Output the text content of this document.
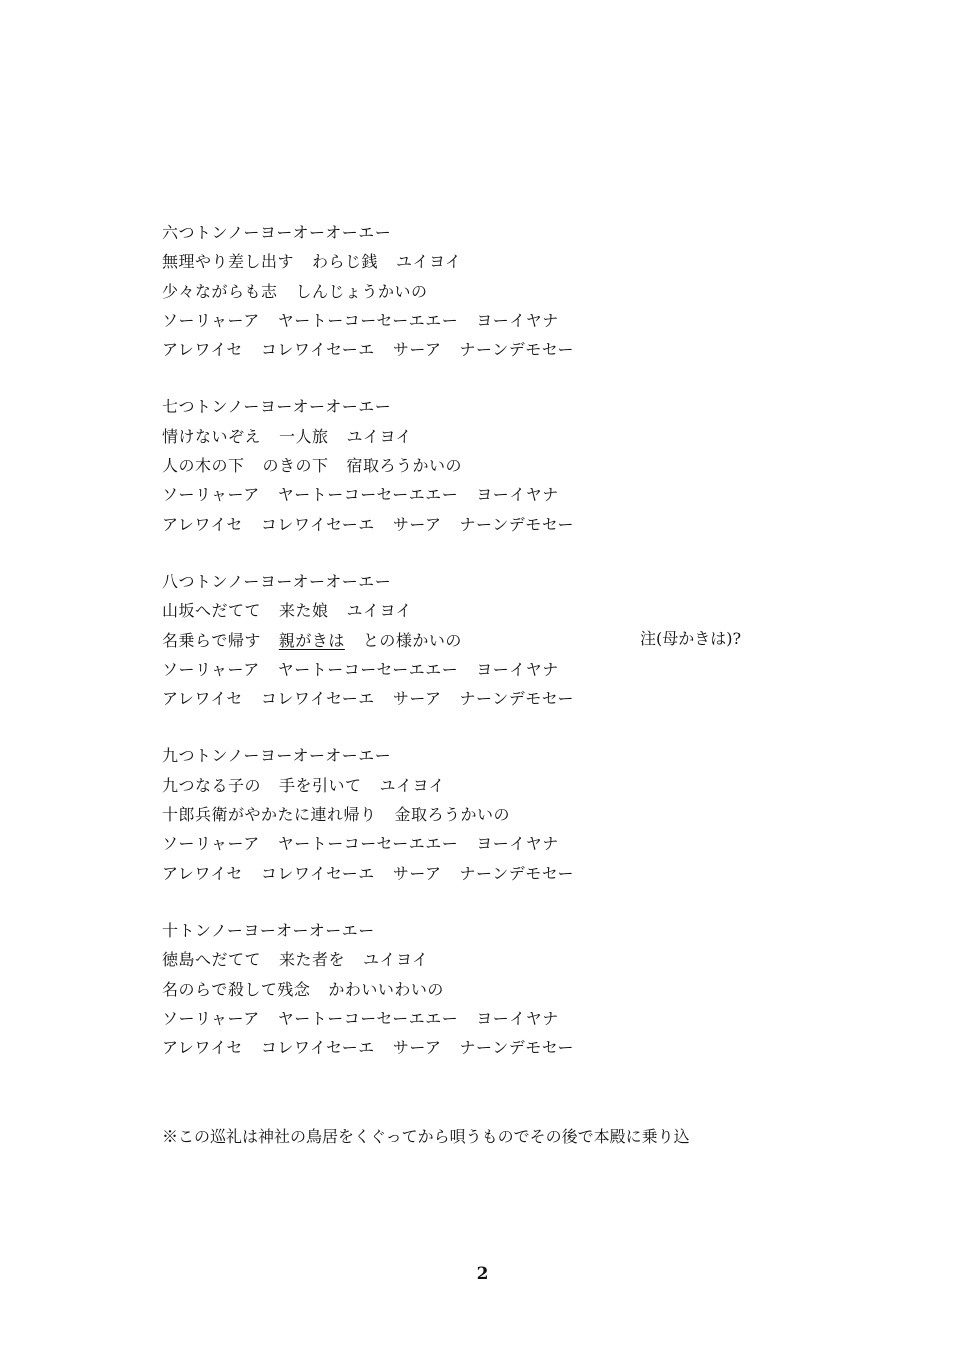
六つトンノーヨーオーオーエー
無理やり差し出す わらじ銭 ユイヨイ
少々ながらも志 しんじょうかいの
ソーリャーア ヤートーコーセーエエー ヨーイヤナ
アレワイセ コレワイセーエ サーア ナーンデモセー
七つトンノーヨーオーオーエー
情けないぞえ 一人旅 ユイヨイ
人の木の下 のきの下 宿取ろうかいの
ソーリャーア ヤートーコーセーエエー ヨーイヤナ
アレワイセ コレワイセーエ サーア ナーンデモセー
八つトンノーヨーオーオーエー
山坂へだてて 来た娘 ユイヨイ
名乗らで帰す 親がきは との様かいの
ソーリャーア ヤートーコーセーエエー ヨーイヤナ
アレワイセ コレワイセーエ サーア ナーンデモセー
九つトンノーヨーオーオーエー
九つなる子の 手を引いて ユイヨイ
十郎兵衛がやかたに連れ帰り 金取ろうかいの
ソーリャーア ヤートーコーセーエエー ヨーイヤナ
アレワイセ コレワイセーエ サーア ナーンデモセー
十トンノーヨーオーオーエー
徳島へだてて 来た者を ユイヨイ
名のらで殺して残念 かわいいわいの
ソーリャーア ヤートーコーセーエエー ヨーイヤナ
アレワイセ コレワイセーエ サーア ナーンデモセー
注(母かきは)?
※この巡礼は神社の鳥居をくぐってから唄うものでその後で本殿に乗り込
2
